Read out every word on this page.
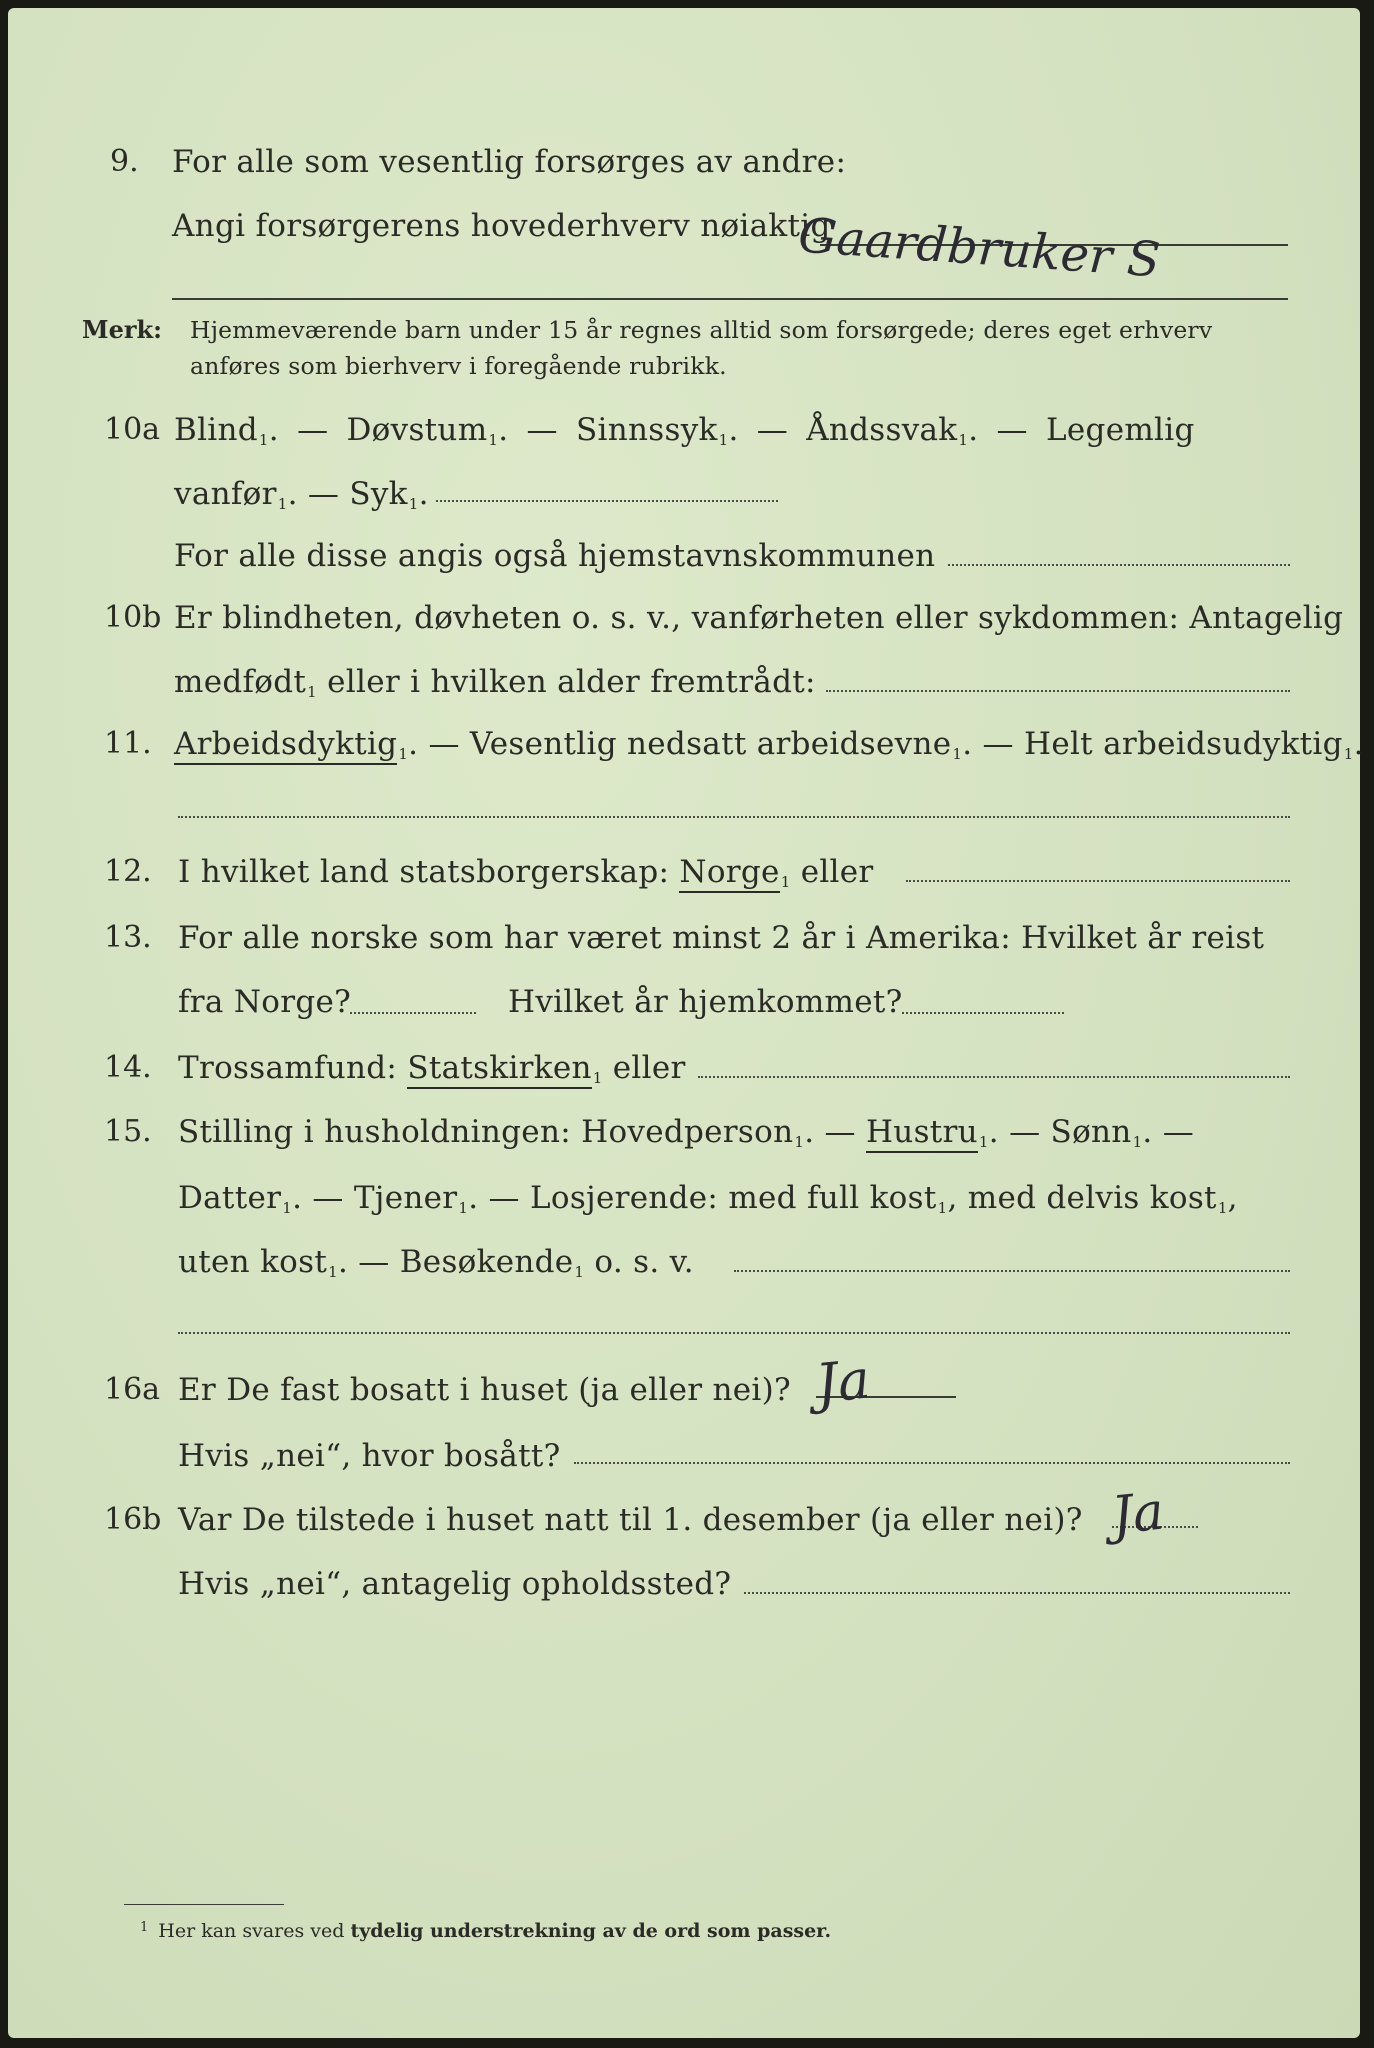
9. For alle som vesentlig forsørges av andre:
Angi forsørgerens hovederhverv nøiaktig
Gaardbruker S
Merk: Hjemmeværende barn under 15 år regnes alltid som forsørgede; deres eget erhverv
anføres som bierhverv i foregående rubrikk.
10a Blind$^1$. — Døvstum$^1$. — Sinnssyk$^1$. — Åndssvak$^1$. — Legemlig
vanfør$^1$. — Syk$^1$.
For alle disse angis også hjemstavnskommunen
10b Er blindheten, døvheten o. s. v., vanførheten eller sykdommen: Antagelig
medfødt$^1$ eller i hvilken alder fremtrådt:
11. Arbeidsdyktig$^1$. — Vesentlig nedsatt arbeidsevne$^1$. — Helt arbeidsudyktig$^1$.
12. I hvilket land statsborgerskap: Norge$^1$ eller
13. For alle norske som har været minst 2 år i Amerika: Hvilket år reist
fra Norge?	Hvilket år hjemkommet?
14. Trossamfund: Statskirken$^1$ eller
15. Stilling i husholdningen: Hovedperson$^1$. — Hustru$^1$. — Sønn$^1$. —
Datter$^1$. — Tjener$^1$. — Losjerende: med full kost$^1$, med delvis kost$^1$,
uten kost$^1$. — Besøkende$^1$ o. s. v.
16a Er De fast bosatt i huset (ja eller nei)? Ja
Hvis „nei“, hvor bosått?
16b Var De tilstede i huset natt til 1. desember (ja eller nei)? Ja
Hvis „nei“, antagelig opholdssted?
$^1$ Her kan svares ved tydelig understrekning av de ord som passer.
